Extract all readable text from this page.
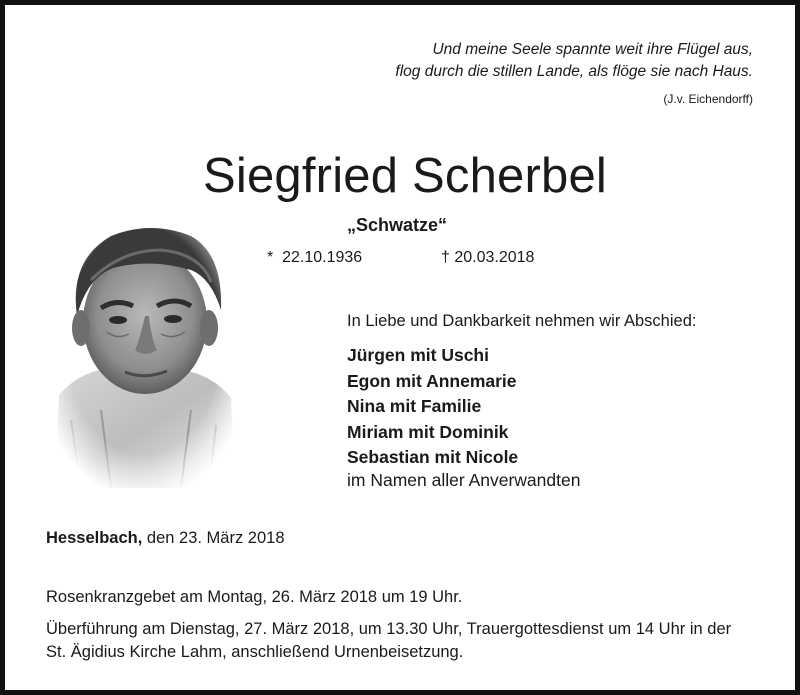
Und meine Seele spannte weit ihre Flügel aus,
flog durch die stillen Lande, als flöge sie nach Haus.
(J.v. Eichendorff)
Siegfried Scherbel
„Schwatze“
* 22.10.1936	† 20.03.2018
In Liebe und Dankbarkeit nehmen wir Abschied:
Jürgen mit Uschi
Egon mit Annemarie
Nina mit Familie
Miriam mit Dominik
Sebastian mit Nicole
im Namen aller Anverwandten
Hesselbach, den 23. März 2018
Rosenkranzgebet am Montag, 26. März 2018 um 19 Uhr.
Überführung am Dienstag, 27. März 2018, um 13.30 Uhr, Trauergottesdienst um 14 Uhr in der
St. Ägidius Kirche Lahm, anschließend Urnenbeisetzung.
